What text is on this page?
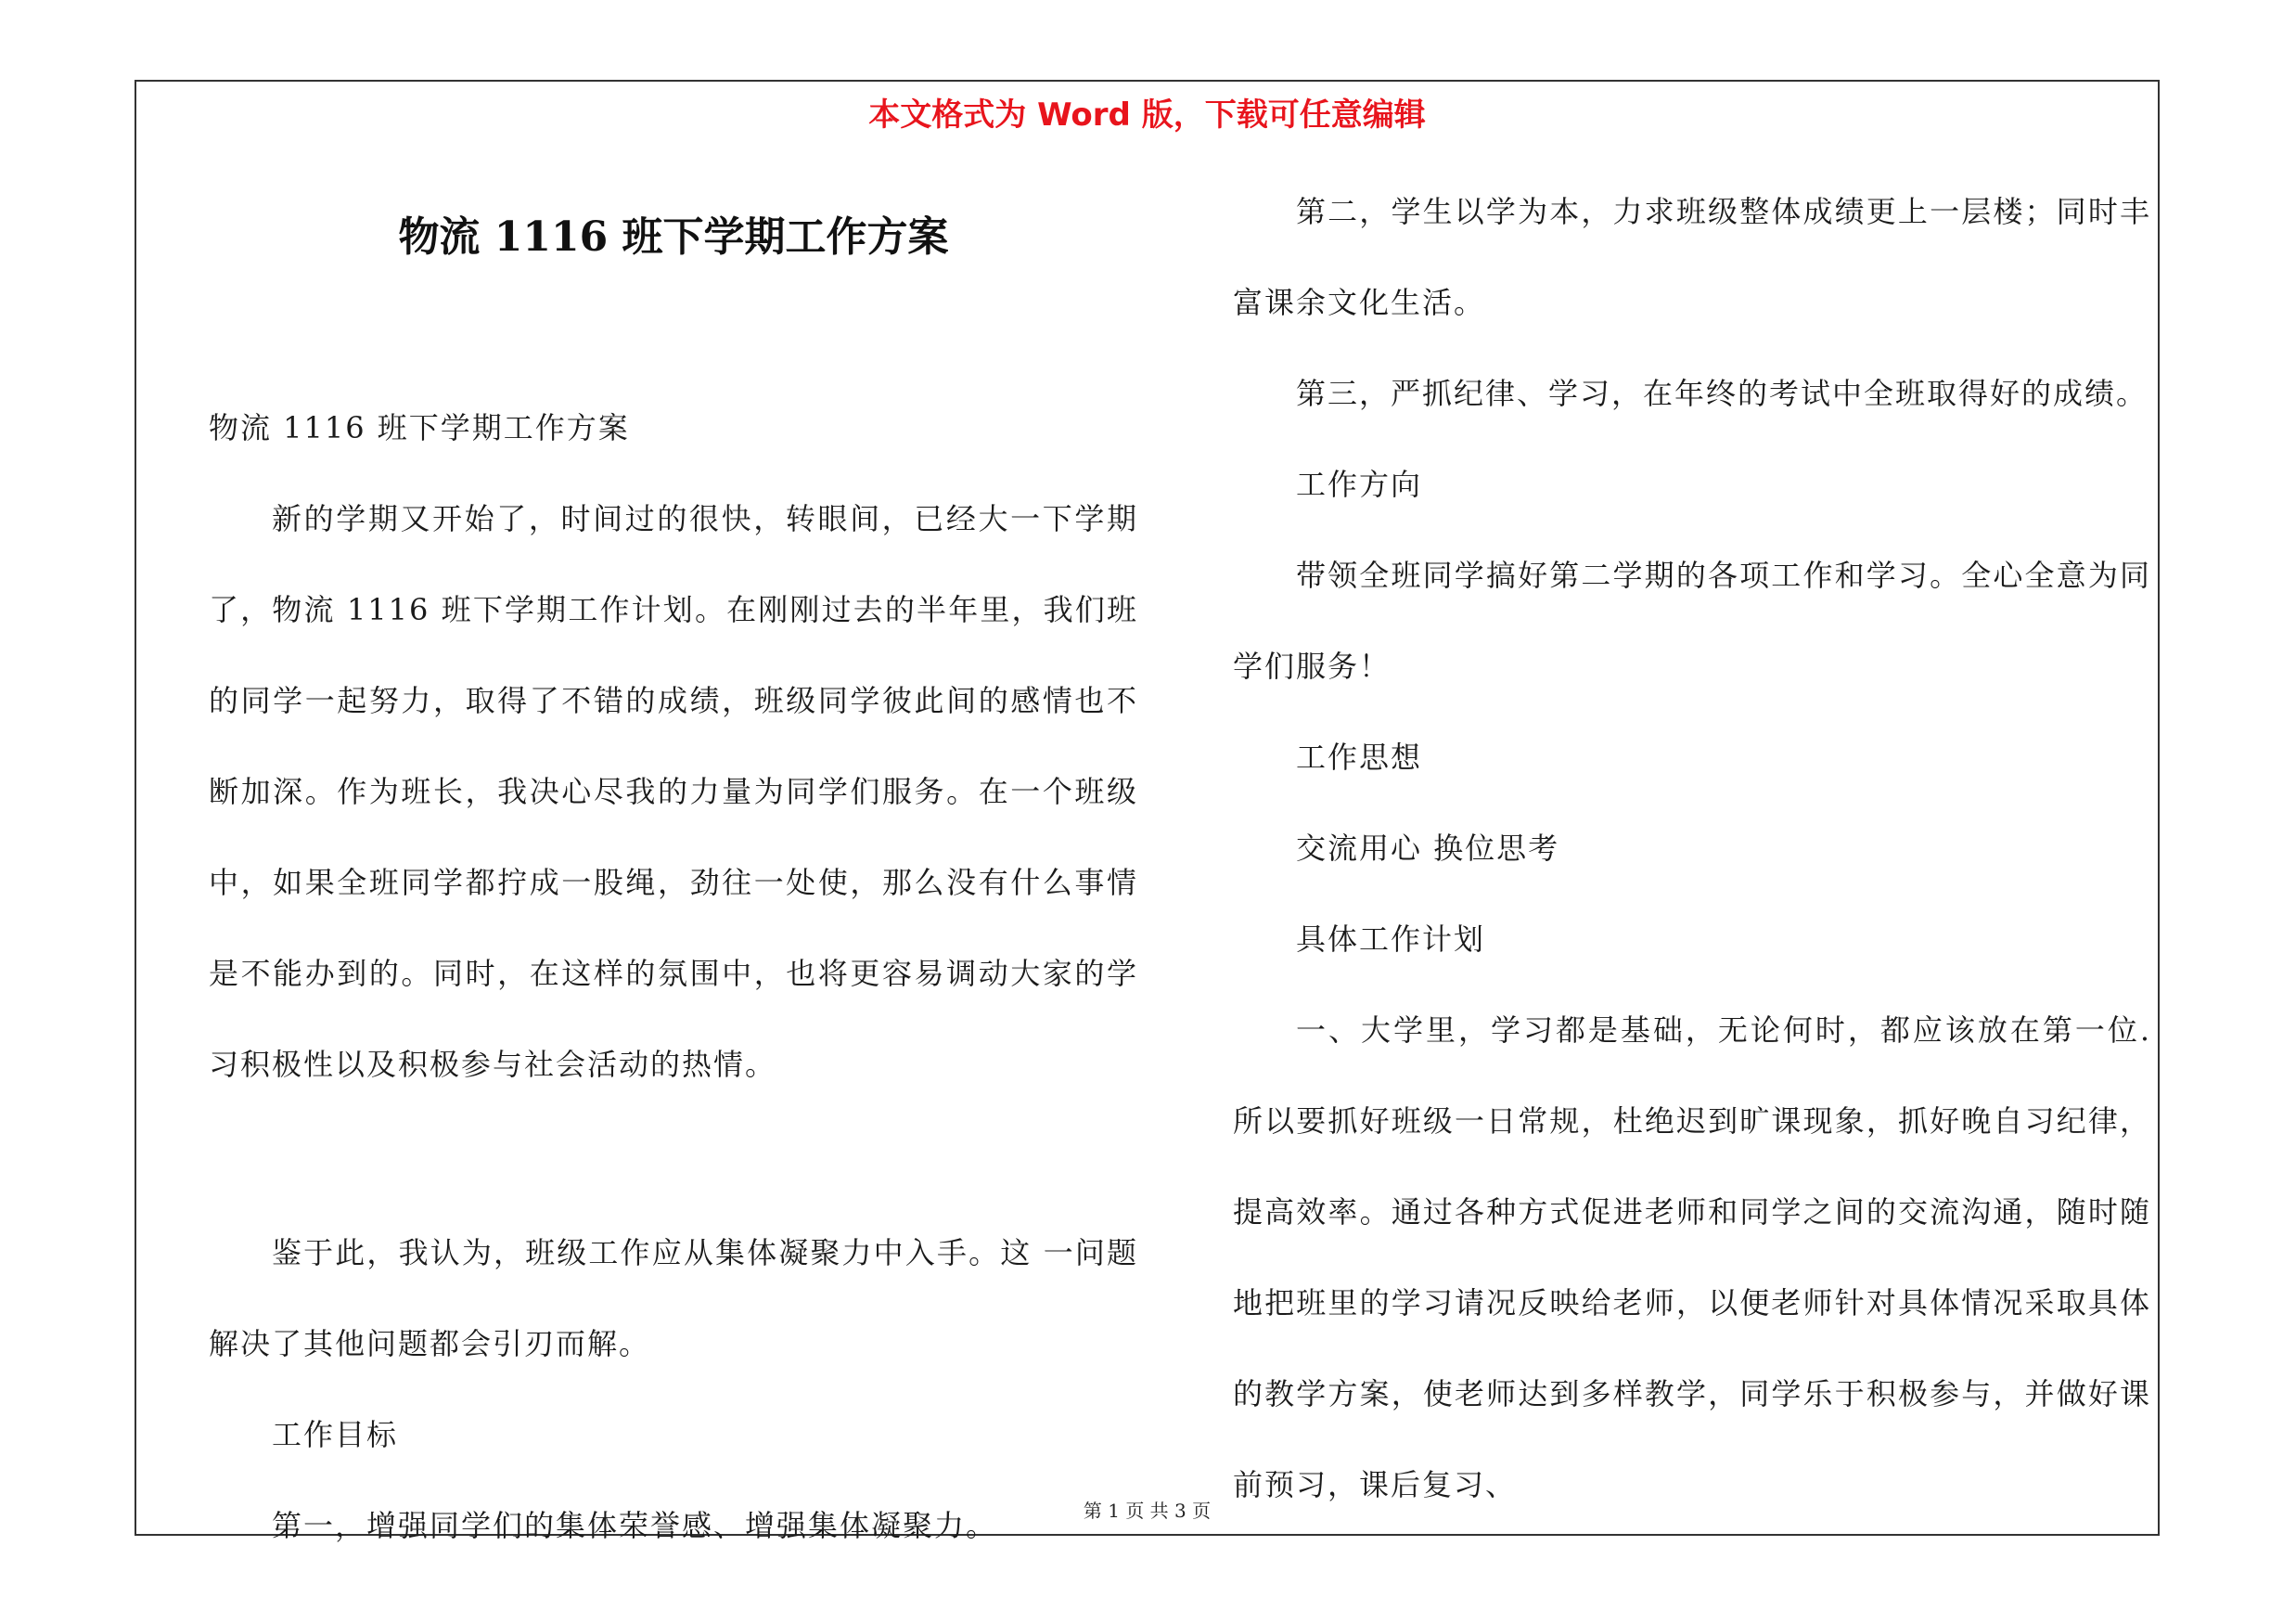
本文格式为 Word 版，下载可任意编辑
物流 1116 班下学期工作方案

物流 1116 班下学期工作方案

新的学期又开始了，时间过的很快，转眼间，已经大一下学期了，物流 1116 班下学期工作计划。在刚刚过去的半年里，我们班的同学一起努力，取得了不错的成绩，班级同学彼此间的感情也不断加深。作为班长，我决心尽我的力量为同学们服务。在一个班级中，如果全班同学都拧成一股绳，劲往一处使，那么没有什么事情是不能办到的。同时，在这样的氛围中，也将更容易调动大家的学习积极性以及积极参与社会活动的热情。

鉴于此，我认为，班级工作应从集体凝聚力中入手。这 一问题解决了其他问题都会引刃而解。

工作目标

第一，增强同学们的集体荣誉感、增强集体凝聚力。

第二，学生以学为本，力求班级整体成绩更上一层楼；同时丰富课余文化生活。

第三，严抓纪律、学习，在年终的考试中全班取得好的成绩。

工作方向

带领全班同学搞好第二学期的各项工作和学习。全心全意为同学们服务！

工作思想

交流用心 换位思考

具体工作计划

一、大学里，学习都是基础，无论何时，都应该放在第一位. 所以要抓好班级一日常规，杜绝迟到旷课现象，抓好晚自习纪律，提高效率。通过各种方式促进老师和同学之间的交流沟通，随时随地把班里的学习请况反映给老师，以便老师针对具体情况采取具体的教学方案，使老师达到多样教学，同学乐于积极参与，并做好课前预习，课后复习、

第 1 页 共 3 页
